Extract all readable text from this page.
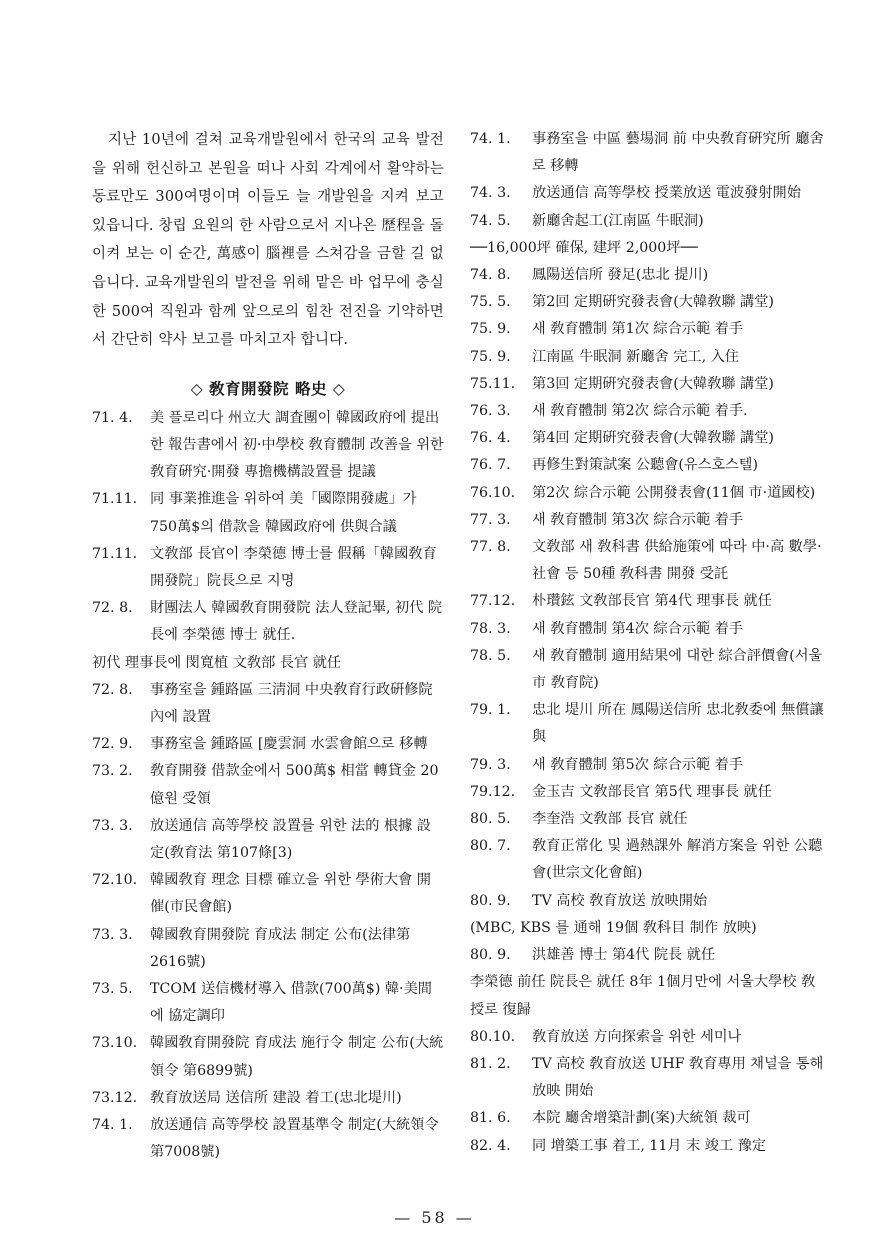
지난 10년에 걸쳐 교육개발원에서 한국의 교육 발전을 위해 헌신하고 본원을 떠나 사회 각계에서 활약하는 동료만도 300여명이며 이들도 늘 개발원을 지켜 보고 있읍니다. 창립 요원의 한 사람으로서 지나온 歷程을 돌이켜 보는 이 순간, 萬感이 腦裡를 스쳐감을 금할 길 없읍니다. 교육개발원의 발전을 위해 맡은 바 업무에 충실한 500여 직원과 함께 앞으로의 힘찬 전진을 기약하면서 간단히 약사 보고를 마치고자 합니다.

◇ 敎育開發院 略史 ◇
71. 4.	美 플로리다 州立大 調査團이 韓國政府에 提出한 報告書에서 初·中學校 敎育體制 改善을 위한 敎育硏究·開發 專擔機構設置를 提議
71.11. 同 事業推進을 위하여 美「國際開發處」가 750萬$의 借款을 韓國政府에 供與合議
71.11. 文敎部 長官이 李榮德 博士를 假稱「韓國敎育開發院」院長으로 지명
72. 8.	財團法人 韓國敎育開發院 法人登記畢, 初代 院長에 李榮德 博士 就任.
初代 理事長에 閔寬植 文敎部 長官 就任
72. 8.	事務室을 鍾路區 三淸洞 中央敎育行政硏修院 內에 設置
72. 9.	事務室을 鍾路區 [慶雲洞 水雲會館으로 移轉
73. 2.	敎育開發 借款金에서 500萬$ 相當 轉貸金 20億원 受領
73. 3.	放送通信 高等學校 設置를 위한 法的 根據 設定(敎育法 第107條[3)
72.10. 韓國敎育 理念 目標 確立을 위한 學術大會 開催(市民會館)
73. 3.	韓國敎育開發院 育成法 制定 公布(法律第2616號)
73. 5.	TCOM 送信機材導入 借款(700萬$) 韓·美間에 協定調印
73.10. 韓國敎育開發院 育成法 施行令 制定 公布(大統領令 第6899號)
73.12. 敎育放送局 送信所 建設 着工(忠北堤川)
74. 1.	放送通信 高等學校 設置基準令 制定(大統領令 第7008號)
74. 1.	事務室을 中區 藝場洞 前 中央敎育硏究所 廳舍로 移轉
74. 3.	放送通信 高等學校 授業放送 電波發射開始
74. 5.	新廳舍起工(江南區 牛眠洞)
──16,000坪 確保, 建坪 2,000坪──
74. 8.	鳳陽送信所 發足(忠北 提川)
75. 5.	第2回 定期硏究發表會(大韓敎聯 講堂)
75. 9.	새 敎育體制 第1次 綜合示範 着手
75. 9.	江南區 牛眠洞 新廳舍 完工, 入住
75.11.	第3回 定期硏究發表會(大韓敎聯 講堂)
76. 3.	새 敎育體制 第2次 綜合示範 着手.
76. 4.	第4回 定期硏究發表會(大韓敎聯 講堂)
76. 7.	再修生對策試案 公聽會(유스호스텔)
76.10.	第2次 綜合示範 公開發表會(11個 市·道國校)
77. 3.	새 敎育體制 第3次 綜合示範 着手
77. 8.	文敎部 새 敎科書 供給施策에 따라 中·高 數學·社會 등 50種 敎科書 開發 受託
77.12.	朴瓚鉉 文敎部長官 第4代 理事長 就任
78. 3.	새 敎育體制 第4次 綜合示範 着手
78. 5.	새 敎育體制 適用結果에 대한 綜合評價會(서울市 敎育院)
79. 1.	忠北 堤川 所在 鳳陽送信所 忠北敎委에 無償讓與
79. 3.	새 敎育體制 第5次 綜合示範 着手
79.12.	金玉吉 文敎部長官 第5代 理事長 就任
80. 5.	李奎浩 文敎部 長官 就任
80. 7.	敎育正常化 및 過熱課外 解消方案을 위한 公聽會(世宗文化會館)
80. 9.	TV 高校 敎育放送 放映開始
(MBC, KBS 를 通해 19個 敎科目 制作 放映)
80. 9.	洪雄善 博士 第4代 院長 就任
李榮德 前任 院長은 就任 8年 1個月만에 서울大學校 敎授로 復歸
80.10.	敎育放送 方向探索을 위한 세미나
81. 2.	TV 高校 敎育放送 UHF 敎育專用 채널을 통해 放映 開始
81. 6.	本院 廳舍增築計劃(案)大統領 裁可
82. 4.	同 增築工事 着工, 11月 末 竣工 豫定
— 58 —
